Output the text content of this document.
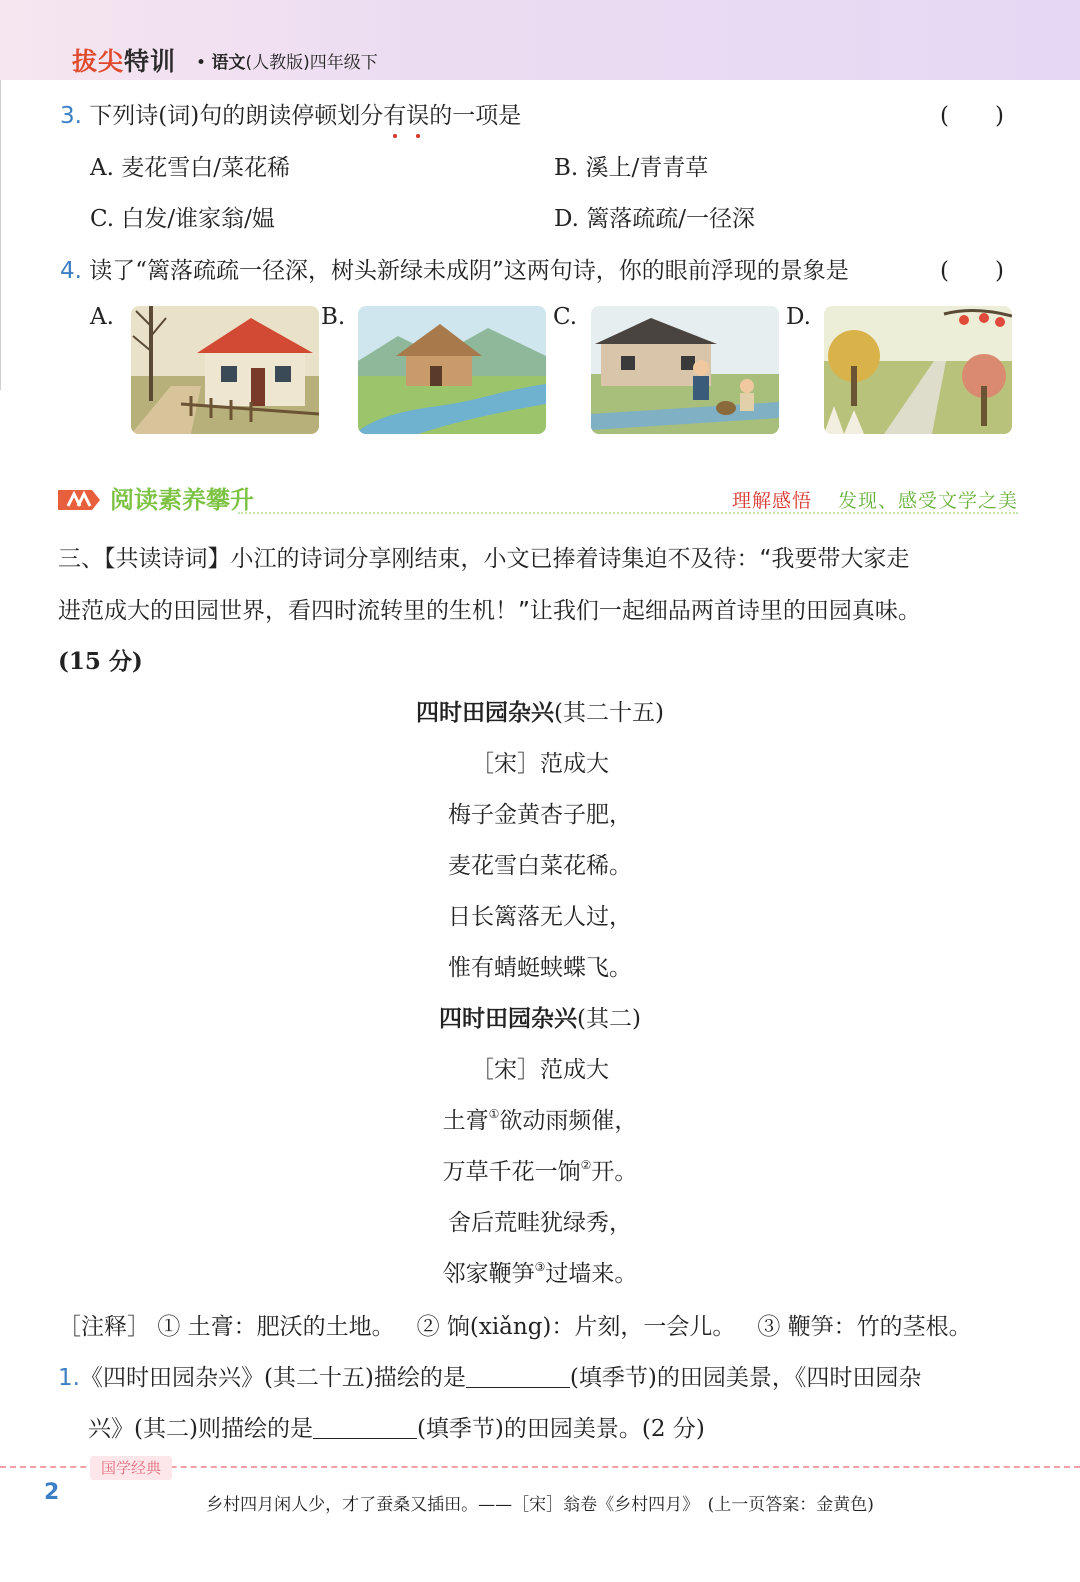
拔尖特训 • 语文(人教版)四年级下
3. 下列诗(词)句的朗读停顿划分有误的一项是	(　　)
A. 麦花雪白/菜花稀	B. 溪上/青青草
C. 白发/谁家翁/媪	D. 篱落疏疏/一径深
4. 读了“篱落疏疏一径深，树头新绿未成阴”这两句诗，你的眼前浮现的景象是	(　　)
A.	B.	C.	D.
阅读素养攀升	理解感悟 发现、感受文学之美
三、【共读诗词】小江的诗词分享刚结束，小文已捧着诗集迫不及待：“我要带大家走
进范成大的田园世界，看四时流转里的生机！”让我们一起细品两首诗里的田园真味。
(15 分)
四时田园杂兴(其二十五)
［宋］范成大
梅子金黄杏子肥，
麦花雪白菜花稀。
日长篱落无人过，
惟有蜻蜓蛱蝶飞。
四时田园杂兴(其二)
［宋］范成大
土膏①欲动雨频催，
万草千花一饷②开。
舍后荒畦犹绿秀，
邻家鞭笋③过墙来。
［注释］ ① 土膏：肥沃的土地。 ② 饷(xiǎng)：片刻，一会儿。 ③ 鞭笋：竹的茎根。
1.《四时田园杂兴》(其二十五)描绘的是	(填季节)的田园美景，《四时田园杂
兴》(其二)则描绘的是	(填季节)的田园美景。(2 分)
国学经典
2	乡村四月闲人少，才了蚕桑又插田。——［宋］翁卷《乡村四月》　(上一页答案：金黄色)
